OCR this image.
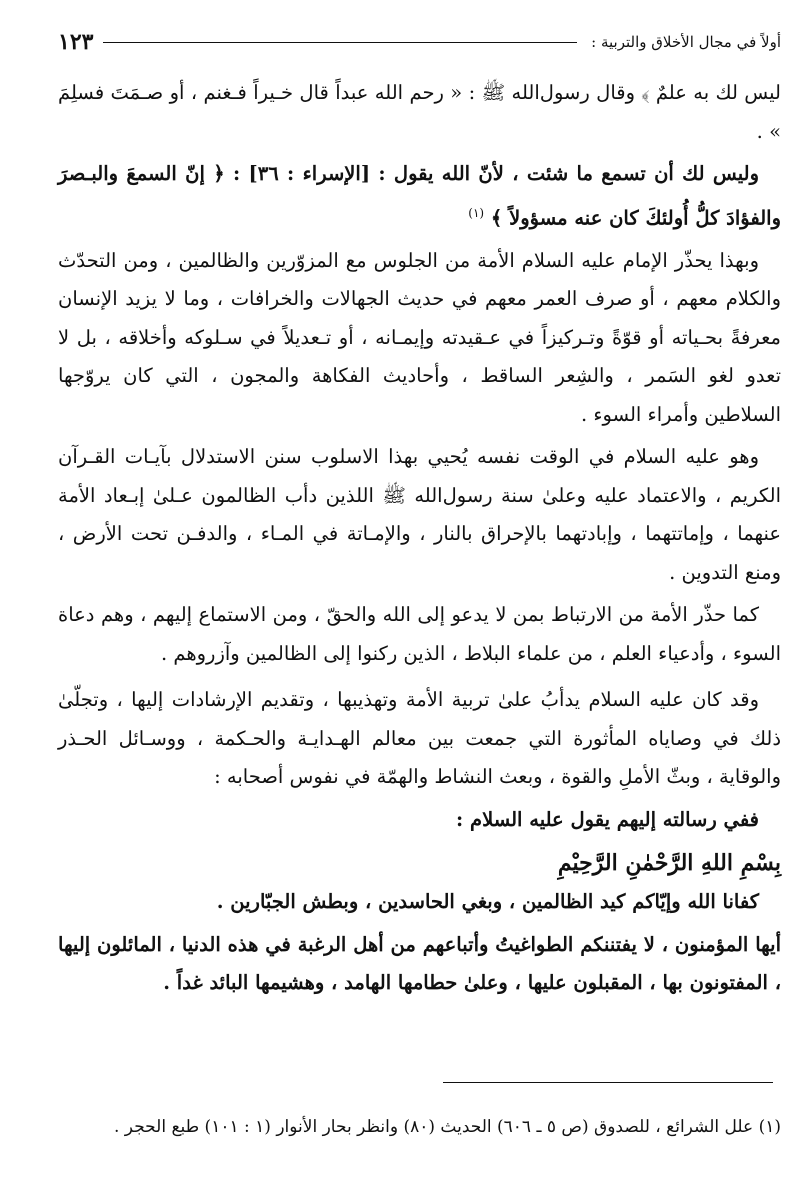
أولاً في مجال الأخلاق والتربية :
١٢٣

ليس لك به علمٌ ﴾ وقال رسول‌الله ﷺ : « رحم الله عبداً قال خـيراً فـغنم ، أو صـمَتَ فسلِمَ » .

وليس لك أن تسمع ما شئت ، لأنّ الله يقول : [الإسراء : ٣٦] : ﴿ إنّ السمعَ والبـصرَ والفؤادَ كلُّ أُولئكَ كان عنه مسؤولاً ﴾ $^{(١)}$

وبهذا يحذّر الإمام عليه السلام الأمة من الجلوس مع المزوّرين والظالمين ، ومن التحدّث والكلام معهم ، أو صرف العمر معهم في حديث الجهالات والخرافات ، وما لا يزيد الإنسان معرفةً بحـياته أو قوّةً وتـركيزاً في عـقيدته وإيمـانه ، أو تـعديلاً في سـلوكه وأخلاقه ، بل لا تعدو لغو السَمر ، والشِعر الساقط ، وأحاديث الفكاهة والمجون ، التي كان يروّجها السلاطين وأمراء السوء .

وهو عليه السلام في الوقت نفسه يُحيي بهذا الاسلوب سنن الاستدلال بآيـات القـرآن الكريم ، والاعتماد عليه وعلىٰ سنة رسول‌الله ﷺ اللذين دأب الظالمون عـلىٰ إبـعاد الأمة عنهما ، وإماتتهما ، وإبادتهما بالإحراق بالنار ، والإمـاتة في المـاء ، والدفـن تحت الأرض ، ومنع التدوين .

كما حذّر الأمة من الارتباط بمن لا يدعو إلى الله والحقّ ، ومن الاستماع إليهم ، وهم دعاة السوء ، وأدعياء العلم ، من علماء البلاط ، الذين ركنوا إلى الظالمين وآزروهم .

وقد كان عليه السلام يدأبُ علىٰ تربية الأمة وتهذيبها ، وتقديم الإرشادات إليها ، وتجلّىٰ ذلك في وصاياه المأثورة التي جمعت بين معالم الهـدايـة والحـكمة ، ووسـائل الحـذر والوقاية ، وبثّ الأملِ والقوة ، وبعث النشاط والهمّة في نفوس أصحابه :

ففي رسالته إليهم يقول عليه السلام :

بِسْمِ اللهِ الرَّحْمٰنِ الرَّحِيْمِ

كفانا الله وإيّاكم كيد الظالمين ، وبغي الحاسدين ، وبطش الجبّارين .

أيها المؤمنون ، لا يفتننكم الطواغيتُ وأتباعهم من أهل الرغبة في هذه الدنيا ، المائلون إليها ، المفتونون بها ، المقبلون عليها ، وعلىٰ حطامها الهامد ، وهشيمها البائد غداً .

(١) علل الشرائع ، للصدوق (ص ٥ ـ ٦٠٦) الحديث (٨٠) وانظر بحار الأنوار (١ : ١٠١) طبع الحجر .
